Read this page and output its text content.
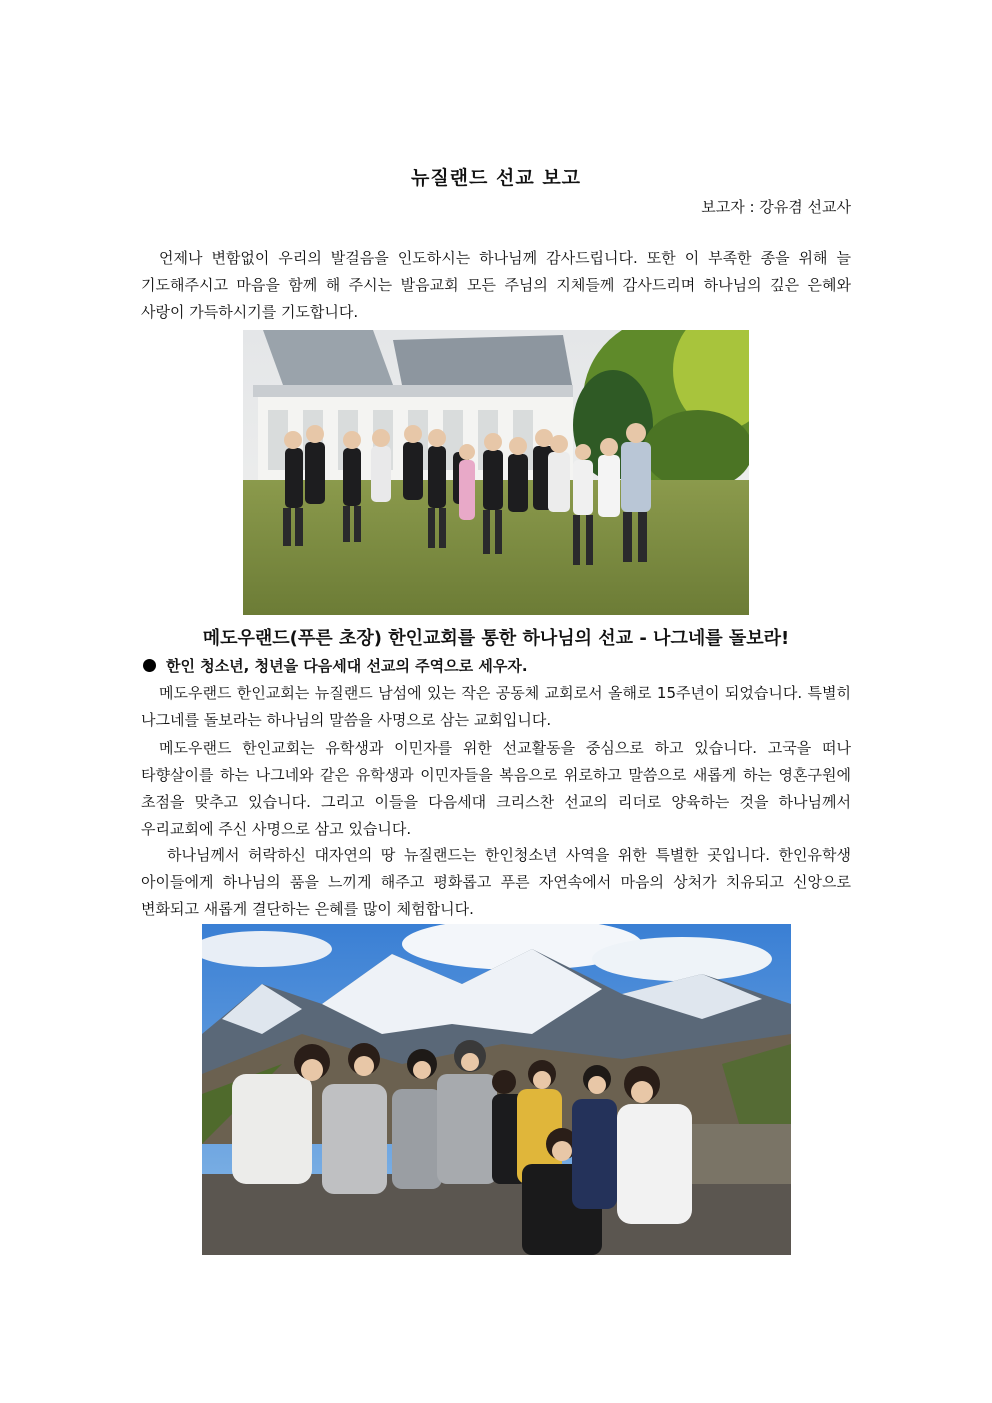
뉴질랜드 선교 보고
보고자 : 강유겸 선교사

언제나 변함없이 우리의 발걸음을 인도하시는 하나님께 감사드립니다. 또한 이 부족한 종을 위해 늘 기도해주시고 마음을 함께 해 주시는 발음교회 모든 주님의 지체들께 감사드리며 하나님의 깊은 은혜와 사랑이 가득하시기를 기도합니다.

메도우랜드(푸른 초장) 한인교회를 통한 하나님의 선교 - 나그네를 돌보라!
한인 청소년, 청년을 다음세대 선교의 주역으로 세우자.

메도우랜드 한인교회는 뉴질랜드 남섬에 있는 작은 공동체 교회로서 올해로 15주년이 되었습니다. 특별히 나그네를 돌보라는 하나님의 말씀을 사명으로 삼는 교회입니다.

메도우랜드 한인교회는 유학생과 이민자를 위한 선교활동을 중심으로 하고 있습니다. 고국을 떠나 타향살이를 하는 나그네와 같은 유학생과 이민자들을 복음으로 위로하고 말씀으로 새롭게 하는 영혼구원에 초점을 맞추고 있습니다. 그리고 이들을 다음세대 크리스찬 선교의 리더로 양육하는 것을 하나님께서 우리교회에 주신 사명으로 삼고 있습니다.

하나님께서 허락하신 대자연의 땅 뉴질랜드는 한인청소년 사역을 위한 특별한 곳입니다. 한인유학생 아이들에게 하나님의 품을 느끼게 해주고 평화롭고 푸른 자연속에서 마음의 상처가 치유되고 신앙으로 변화되고 새롭게 결단하는 은혜를 많이 체험합니다.
